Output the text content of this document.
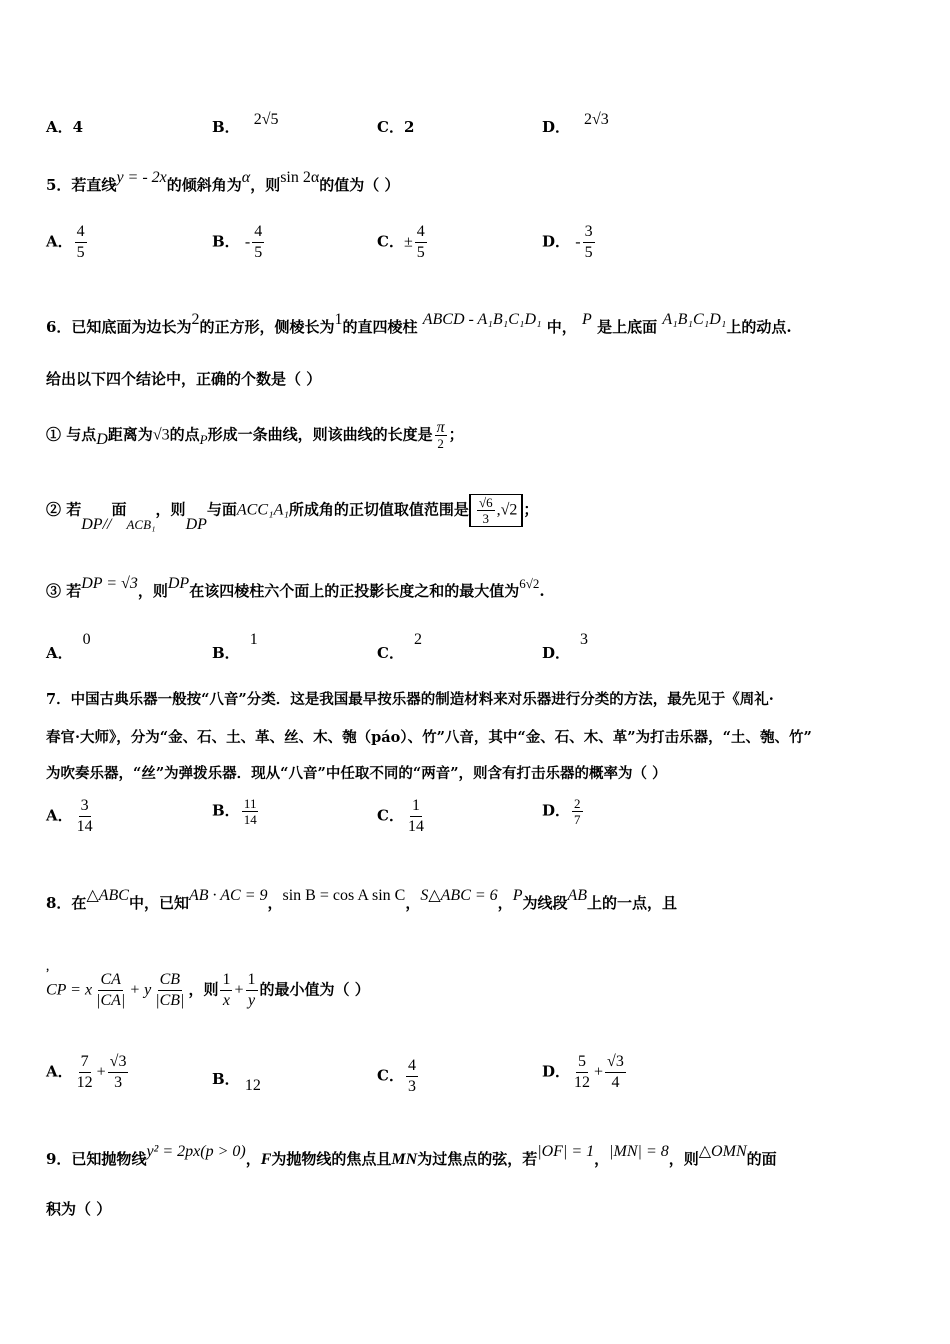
A．4	B． 2√5	C．2	D． 2√3
5．若直线y = - 2x的倾斜角为α，则sin 2α的值为（ ）
A． $\frac{4}{5}$	B． - $\frac{4}{5}$	C．± $\frac{4}{5}$	D． - $\frac{3}{5}$
6．已知底面为边长为2的正方形，侧棱长为1的直四棱柱 ABCD - A₁B₁C₁D₁ 中， P 是上底面 A₁B₁C₁D₁上的动点.
给出以下四个结论中，正确的个数是（ ）
① 与点D距离为√3的点P形成一条曲线，则该曲线的长度是 $\frac{\pi}{2}$ ；
② 若DP//面ACB₁，则DP与面ACC₁A₁所成角的正切值取值范围是 $\frac{√6}{3} ,√2$ ；
③ 若DP = √3，则DP在该四棱柱六个面上的正投影长度之和的最大值为6√2.
A．0
B．1
C．2
D．3
7．中国古典乐器一般按“八音”分类．这是我国最早按乐器的制造材料来对乐器进行分类的方法，最先见于《周礼·
春官·大师》，分为“金、石、土、革、丝、木、匏（páo）、竹”八音，其中“金、石、木、革”为打击乐器，“土、匏、竹”
为吹奏乐器，“丝”为弹拨乐器．现从“八音”中任取不同的“两音”，则含有打击乐器的概率为（ ）
A． $\frac{3}{14}$	B． $\frac{11}{14}$	C． $\frac{1}{14}$	D． $\frac{2}{7}$
8．在△ABC中，已知AB · AC = 9，sin B = cos A sin C，S△ABC = 6，P为线段AB上的一点，且
，
CP = x $\frac{CA}{|CA|} + y \frac{CB}{|CB|}$ ，则 $\frac{1}{x} + \frac{1}{y}$ 的最小值为（ ）
A． $\frac{7}{12} + \frac{√3}{3}$	B． 12
C． $\frac{4}{3}$	D． $\frac{5}{12} + \frac{√3}{4}$
9．已知抛物线y² = 2px(p > 0)，F为抛物线的焦点且MN为过焦点的弦，若|OF| = 1，|MN| = 8，则△OMN的面
积为（ ）
